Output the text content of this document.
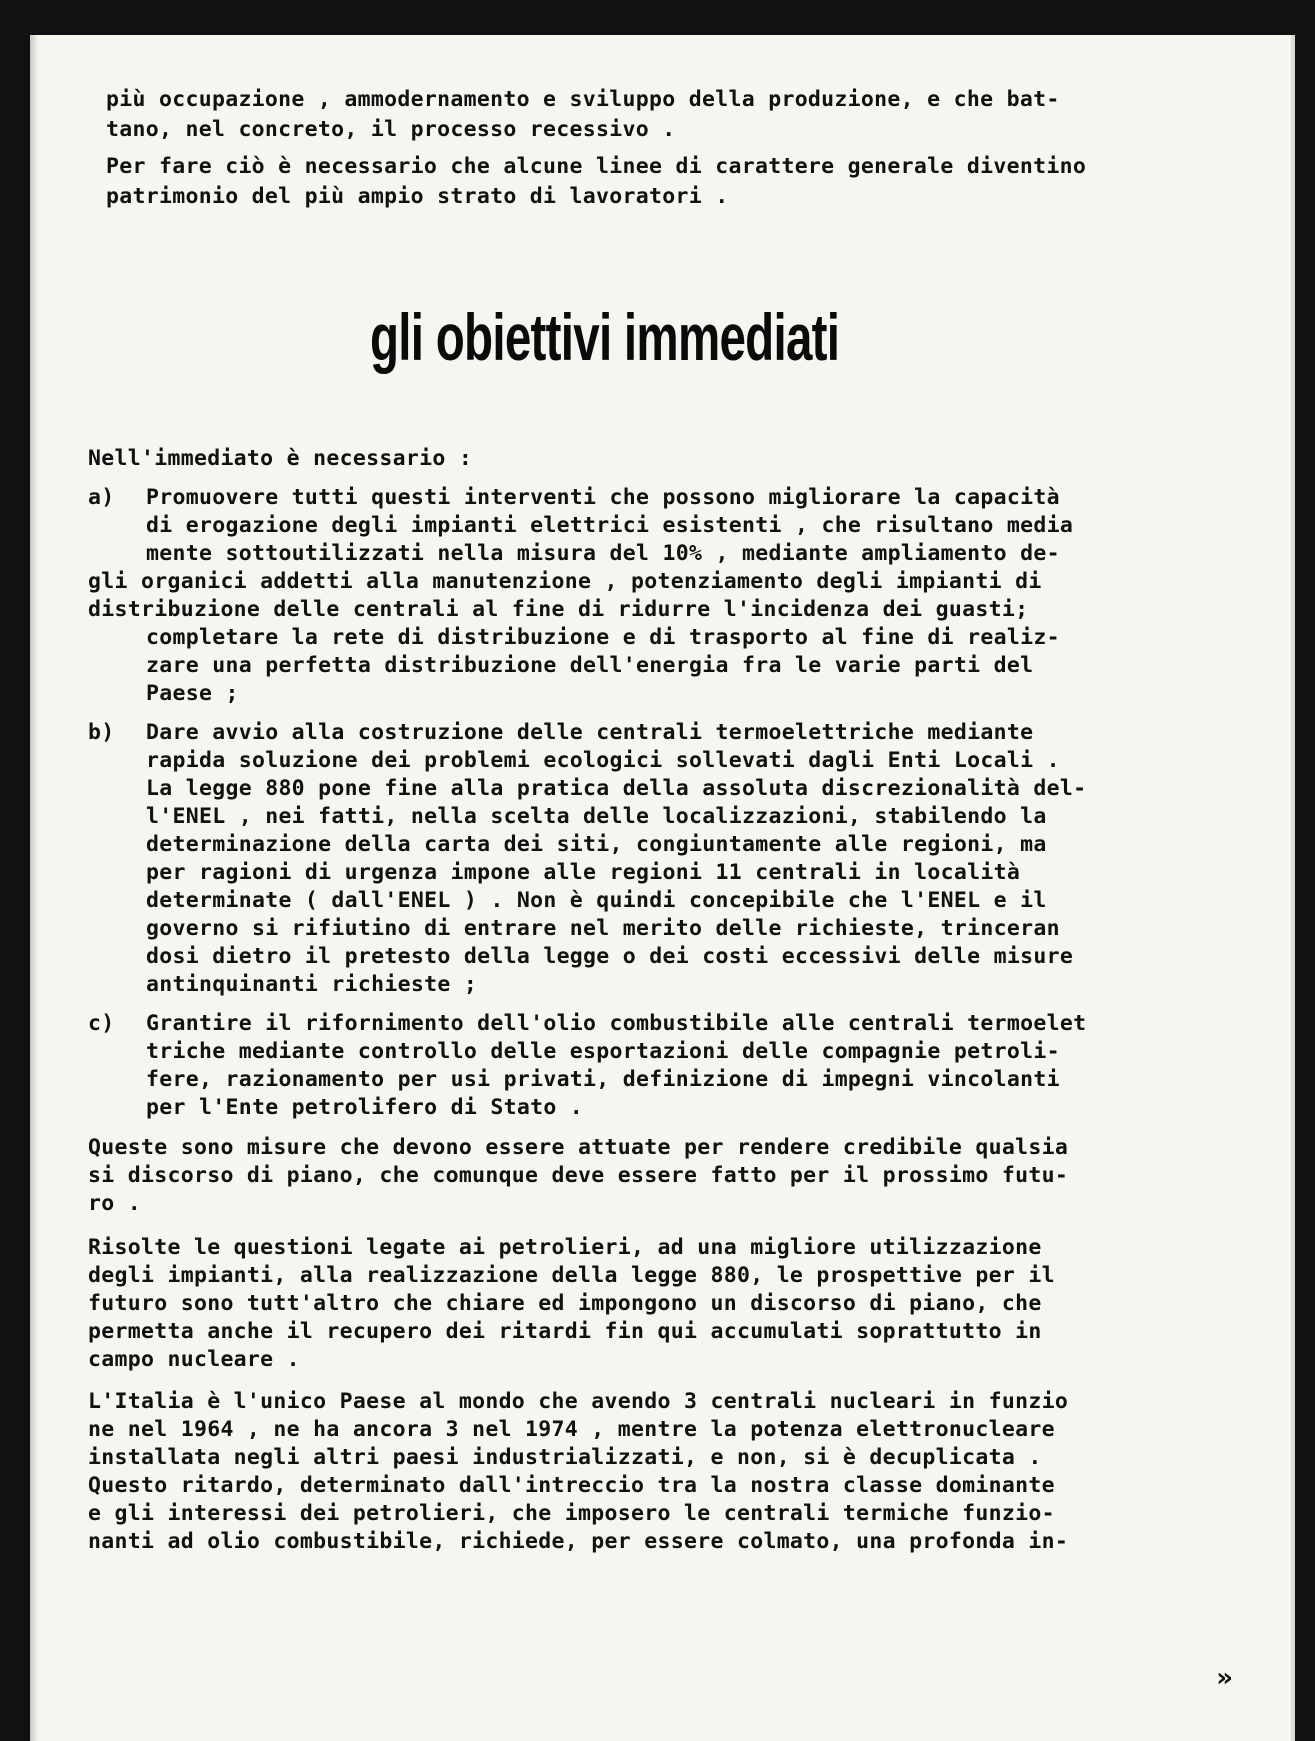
più occupazione , ammodernamento e sviluppo della produzione, e che bat-
tano, nel concreto, il processo recessivo .
Per fare ciò è necessario che alcune linee di carattere generale diventino
patrimonio del più ampio strato di lavoratori .
gli obiettivi immediati
Nell'immediato è necessario :
a) Promuovere tutti questi interventi che possono migliorare la capacità
di erogazione degli impianti elettrici esistenti , che risultano media
mente sottoutilizzati nella misura del 10% , mediante ampliamento de-
gli organici addetti alla manutenzione , potenziamento degli impianti di
distribuzione delle centrali al fine di ridurre l'incidenza dei guasti;
completare la rete di distribuzione e di trasporto al fine di realiz-
zare una perfetta distribuzione dell'energia fra le varie parti del
Paese ;
b) Dare avvio alla costruzione delle centrali termoelettriche mediante
rapida soluzione dei problemi ecologici sollevati dagli Enti Locali .
La legge 880 pone fine alla pratica della assoluta discrezionalità del-
l'ENEL , nei fatti, nella scelta delle localizzazioni, stabilendo la
determinazione della carta dei siti, congiuntamente alle regioni, ma
per ragioni di urgenza impone alle regioni 11 centrali in località
determinate ( dall'ENEL ) . Non è quindi concepibile che l'ENEL e il
governo si rifiutino di entrare nel merito delle richieste, trinceran
dosi dietro il pretesto della legge o dei costi eccessivi delle misure
antinquinanti richieste ;
c) Grantire il rifornimento dell'olio combustibile alle centrali termoelet
triche mediante controllo delle esportazioni delle compagnie petroli-
fere, razionamento per usi privati, definizione di impegni vincolanti
per l'Ente petrolifero di Stato .
Queste sono misure che devono essere attuate per rendere credibile qualsia
si discorso di piano, che comunque deve essere fatto per il prossimo futu-
ro .
Risolte le questioni legate ai petrolieri, ad una migliore utilizzazione
degli impianti, alla realizzazione della legge 880, le prospettive per il
futuro sono tutt'altro che chiare ed impongono un discorso di piano, che
permetta anche il recupero dei ritardi fin qui accumulati soprattutto in
campo nucleare .
L'Italia è l'unico Paese al mondo che avendo 3 centrali nucleari in funzio
ne nel 1964 , ne ha ancora 3 nel 1974 , mentre la potenza elettronucleare
installata negli altri paesi industrializzati, e non, si è decuplicata .
Questo ritardo, determinato dall'intreccio tra la nostra classe dominante
e gli interessi dei petrolieri, che imposero le centrali termiche funzio-
nanti ad olio combustibile, richiede, per essere colmato, una profonda in-
»
